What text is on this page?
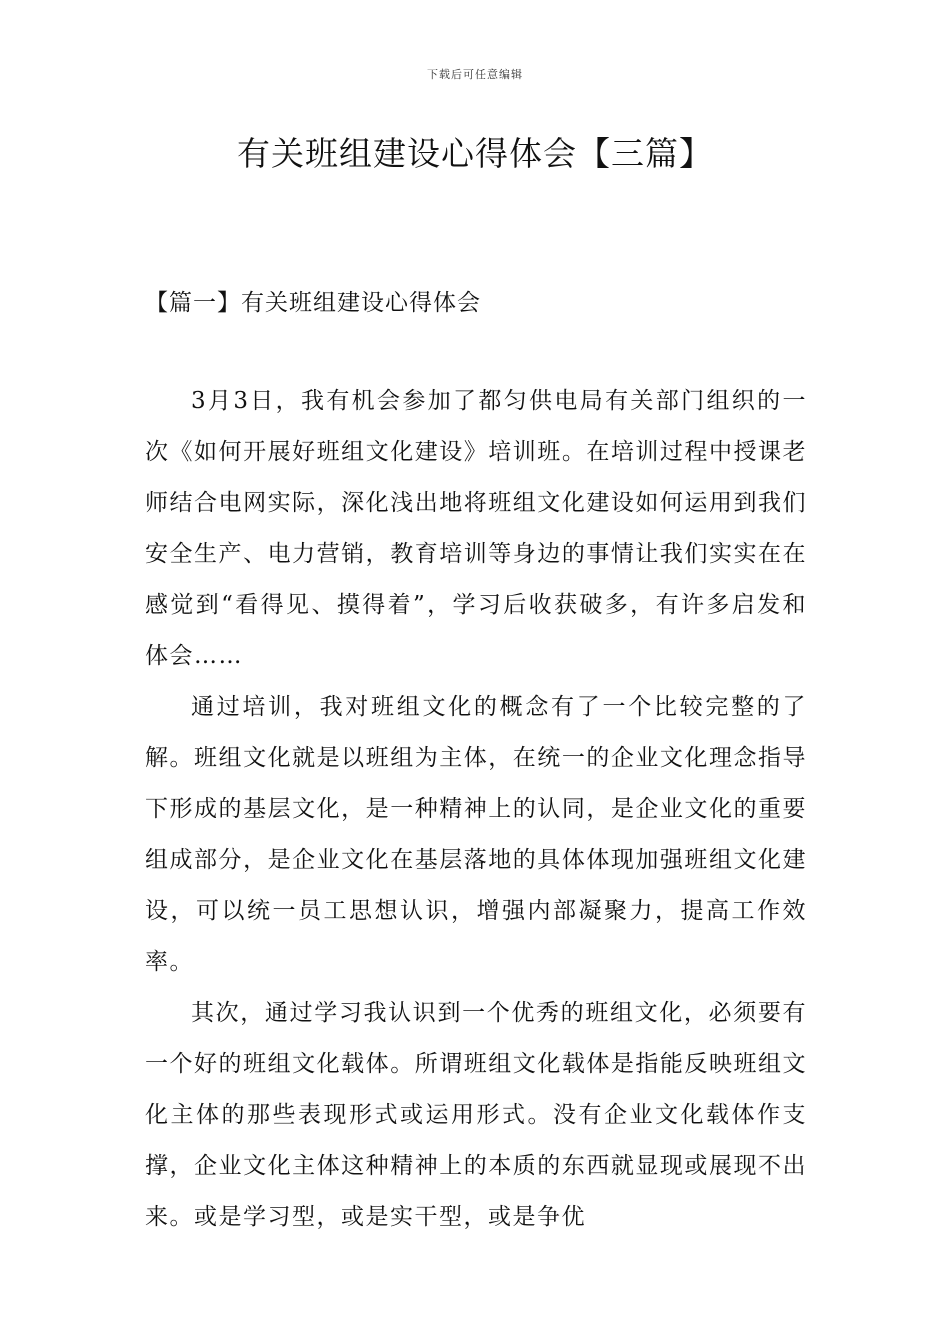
下载后可任意编辑
有关班组建设心得体会【三篇】
【篇一】有关班组建设心得体会

3月3日，我有机会参加了都匀供电局有关部门组织的一次《如何开展好班组文化建设》培训班。在培训过程中授课老师结合电网实际，深化浅出地将班组文化建设如何运用到我们安全生产、电力营销，教育培训等身边的事情让我们实实在在感觉到“看得见、摸得着”，学习后收获破多，有许多启发和体会……

通过培训，我对班组文化的概念有了一个比较完整的了解。班组文化就是以班组为主体，在统一的企业文化理念指导下形成的基层文化，是一种精神上的认同，是企业文化的重要组成部分，是企业文化在基层落地的具体体现加强班组文化建设，可以统一员工思想认识，增强内部凝聚力，提高工作效率。

其次，通过学习我认识到一个优秀的班组文化，必须要有一个好的班组文化载体。所谓班组文化载体是指能反映班组文化主体的那些表现形式或运用形式。没有企业文化载体作支撑，企业文化主体这种精神上的本质的东西就显现或展现不出来。或是学习型，或是实干型，或是争优
